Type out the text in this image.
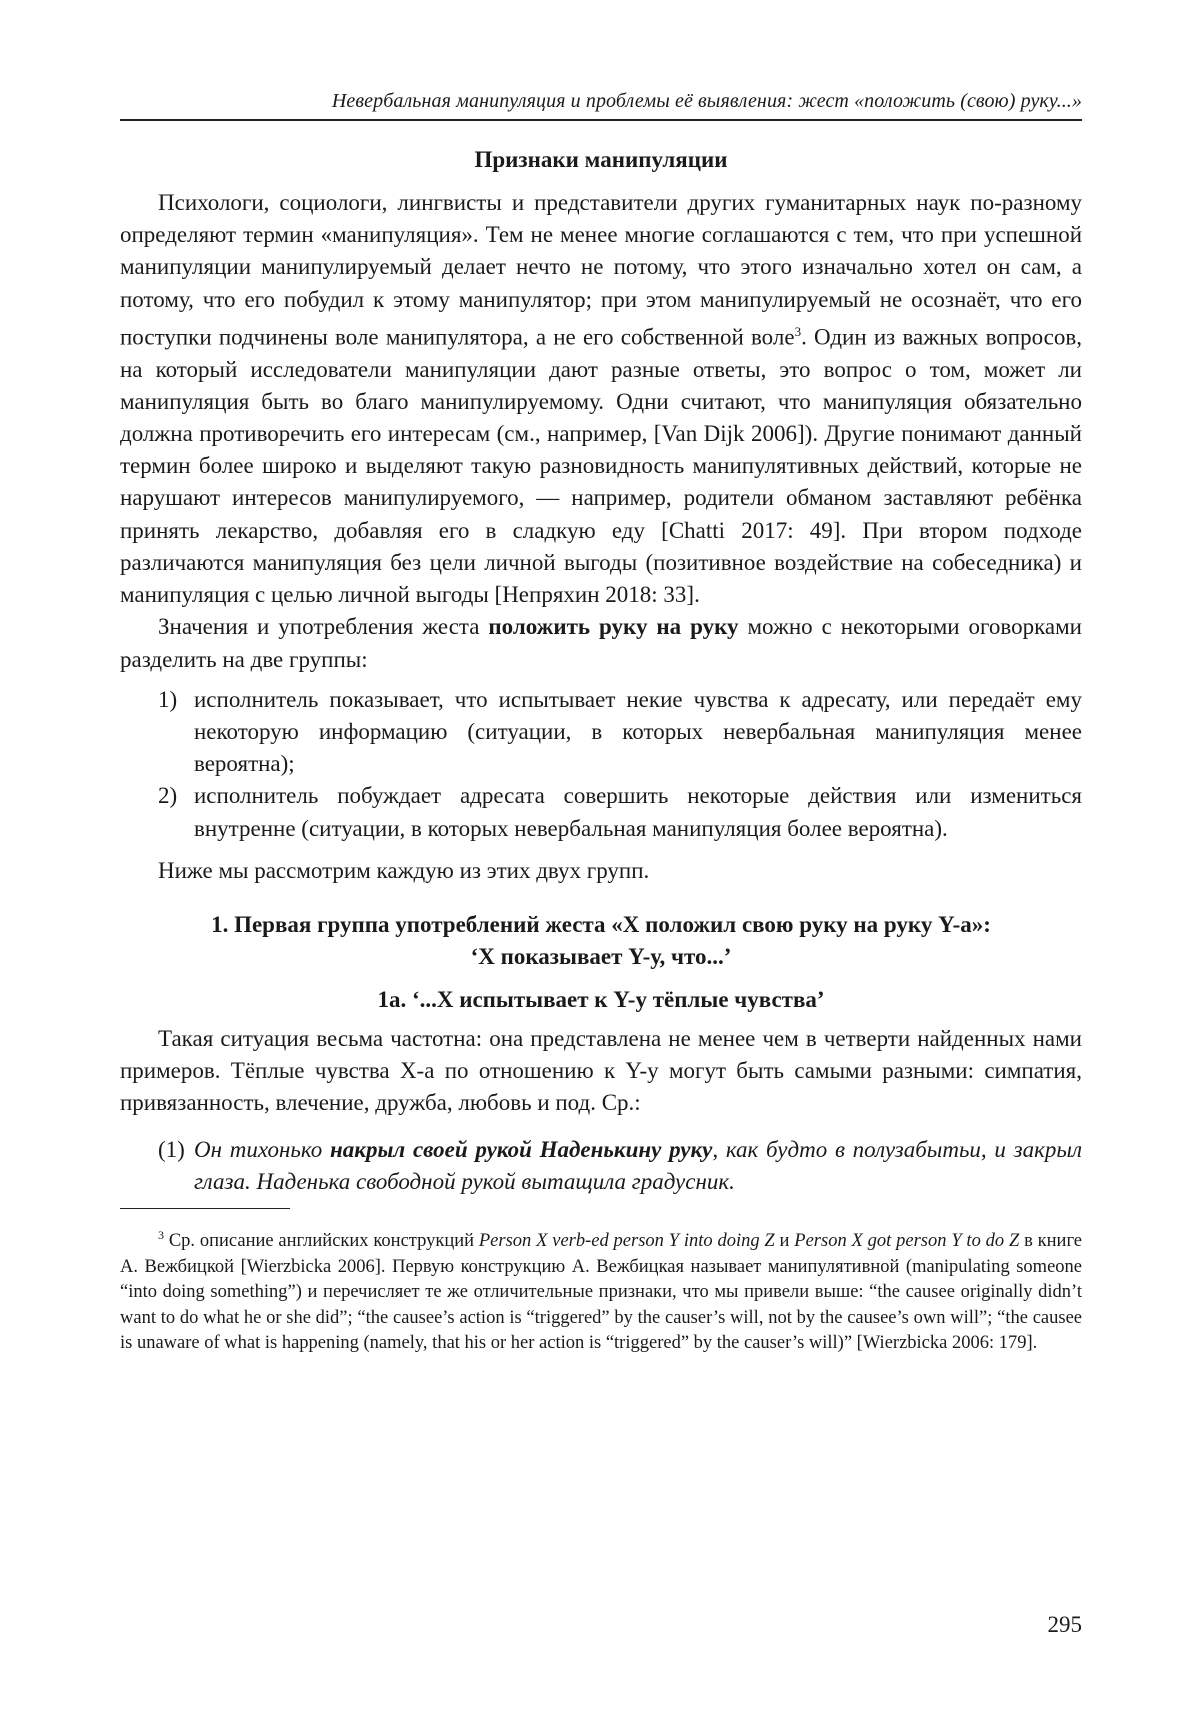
Невербальная манипуляция и проблемы её выявления: жест «положить (свою) руку...»
Признаки манипуляции

Психологи, социологи, лингвисты и представители других гуманитарных наук по-разному определяют термин «манипуляция». Тем не менее многие соглашаются с тем, что при успешной манипуляции манипулируемый делает нечто не потому, что этого изначально хотел он сам, а потому, что его побудил к этому манипулятор; при этом манипулируемый не осознаёт, что его поступки подчинены воле манипулятора, а не его собственной воле$^3$. Один из важных вопросов, на который исследователи манипуляции дают разные ответы, это вопрос о том, может ли манипуляция быть во благо манипулируемому. Одни считают, что манипуляция обязательно должна противоречить его интересам (см., например, [Van Dijk 2006]). Другие понимают данный термин более широко и выделяют такую разновидность манипулятивных действий, которые не нарушают интересов манипулируемого, — например, родители обманом заставляют ребёнка принять лекарство, добавляя его в сладкую еду [Chatti 2017: 49]. При втором подходе различаются манипуляция без цели личной выгоды (позитивное воздействие на собеседника) и манипуляция с целью личной выгоды [Непряхин 2018: 33].

Значения и употребления жеста положить руку на руку можно с некоторыми оговорками разделить на две группы:

1) исполнитель показывает, что испытывает некие чувства к адресату, или передаёт ему некоторую информацию (ситуации, в которых невербальная манипуляция менее вероятна);
2) исполнитель побуждает адресата совершить некоторые действия или измениться внутренне (ситуации, в которых невербальная манипуляция более вероятна).

Ниже мы рассмотрим каждую из этих двух групп.

1. Первая группа употреблений жеста «X положил свою руку на руку Y-а»:
‘X показывает Y-у, что...’
1a. ‘...X испытывает к Y-у тёплые чувства’

Такая ситуация весьма частотна: она представлена не менее чем в четверти найденных нами примеров. Тёплые чувства X-а по отношению к Y-у могут быть самыми разными: симпатия, привязанность, влечение, дружба, любовь и под. Ср.:

(1) Он тихонько накрыл своей рукой Наденькину руку, как будто в полузабытьи, и закрыл глаза. Наденька свободной рукой вытащила градусник.
$^3$ Ср. описание английских конструкций Person X verb-ed person Y into doing Z и Person X got person Y to do Z в книге А. Вежбицкой [Wierzbicka 2006]. Первую конструкцию А. Вежбицкая называет манипулятивной (manipulating someone “into doing something”) и перечисляет те же отличительные признаки, что мы привели выше: “the causee originally didn’t want to do what he or she did”; “the causee’s action is “triggered” by the causer’s will, not by the causee’s own will”; “the causee is unaware of what is happening (namely, that his or her action is “triggered” by the causer’s will)” [Wierzbicka 2006: 179].
295
